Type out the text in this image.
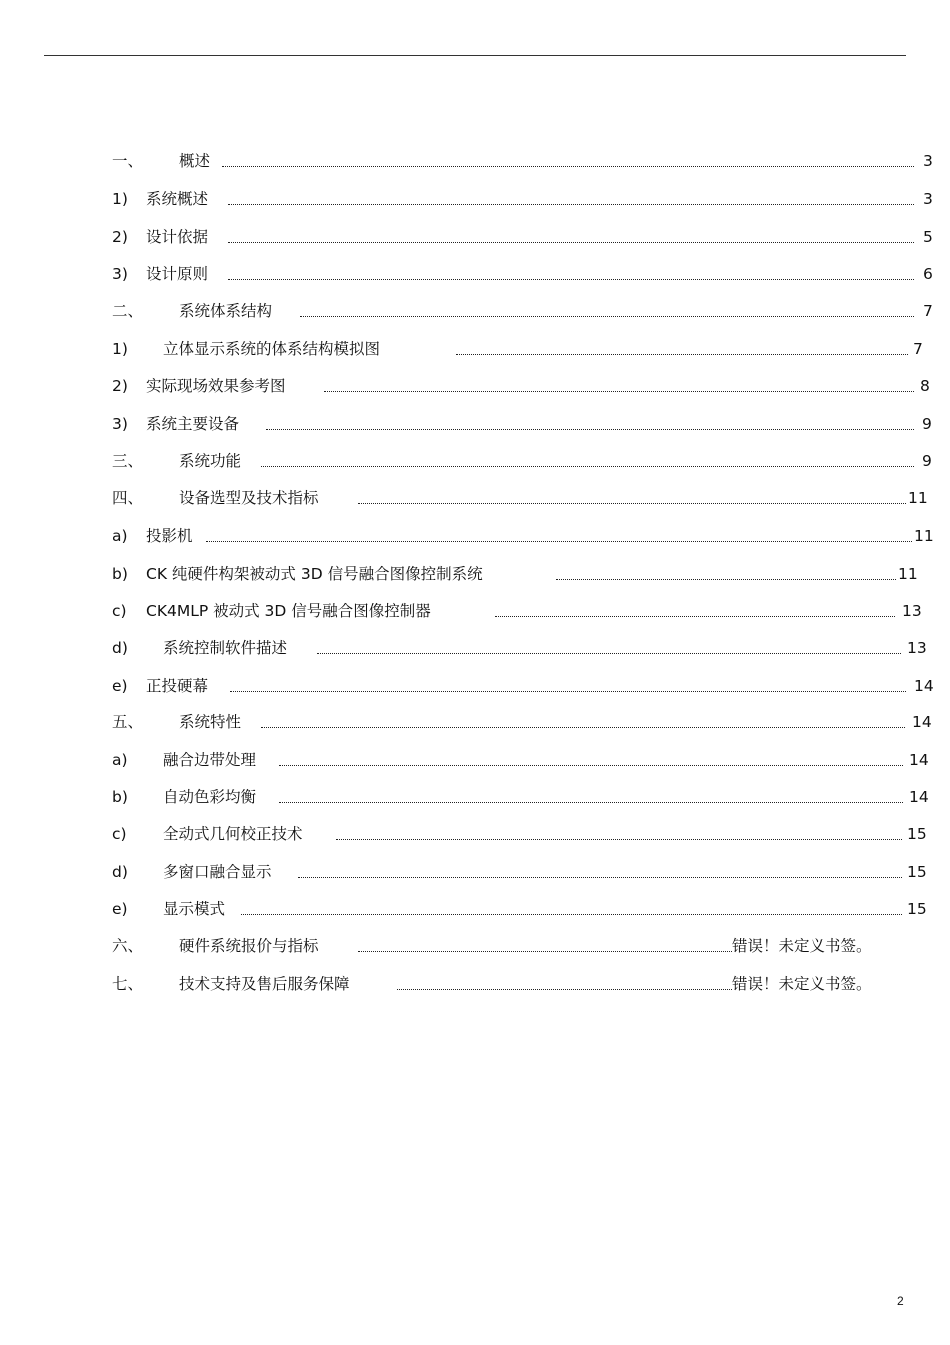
一、 概述	3
1) 系统概述	3
2) 设计依据	5
3) 设计原则	6
二、 系统体系结构	7
1) 立体显示系统的体系结构模拟图	7
2) 实际现场效果参考图	8
3) 系统主要设备	9
三、 系统功能	9
四、 设备选型及技术指标	11
a) 投影机	11
b) CK 纯硬件构架被动式 3D 信号融合图像控制系统	11
c) CK4MLP 被动式 3D 信号融合图像控制器	13
d) 系统控制软件描述	13
e) 正投硬幕	14
五、 系统特性	14
a) 融合边带处理	14
b) 自动色彩均衡	14
c) 全动式几何校正技术	15
d) 多窗口融合显示	15
e) 显示模式	15
六、 硬件系统报价与指标	错误！未定义书签。
七、 技术支持及售后服务保障	错误！未定义书签。
2
